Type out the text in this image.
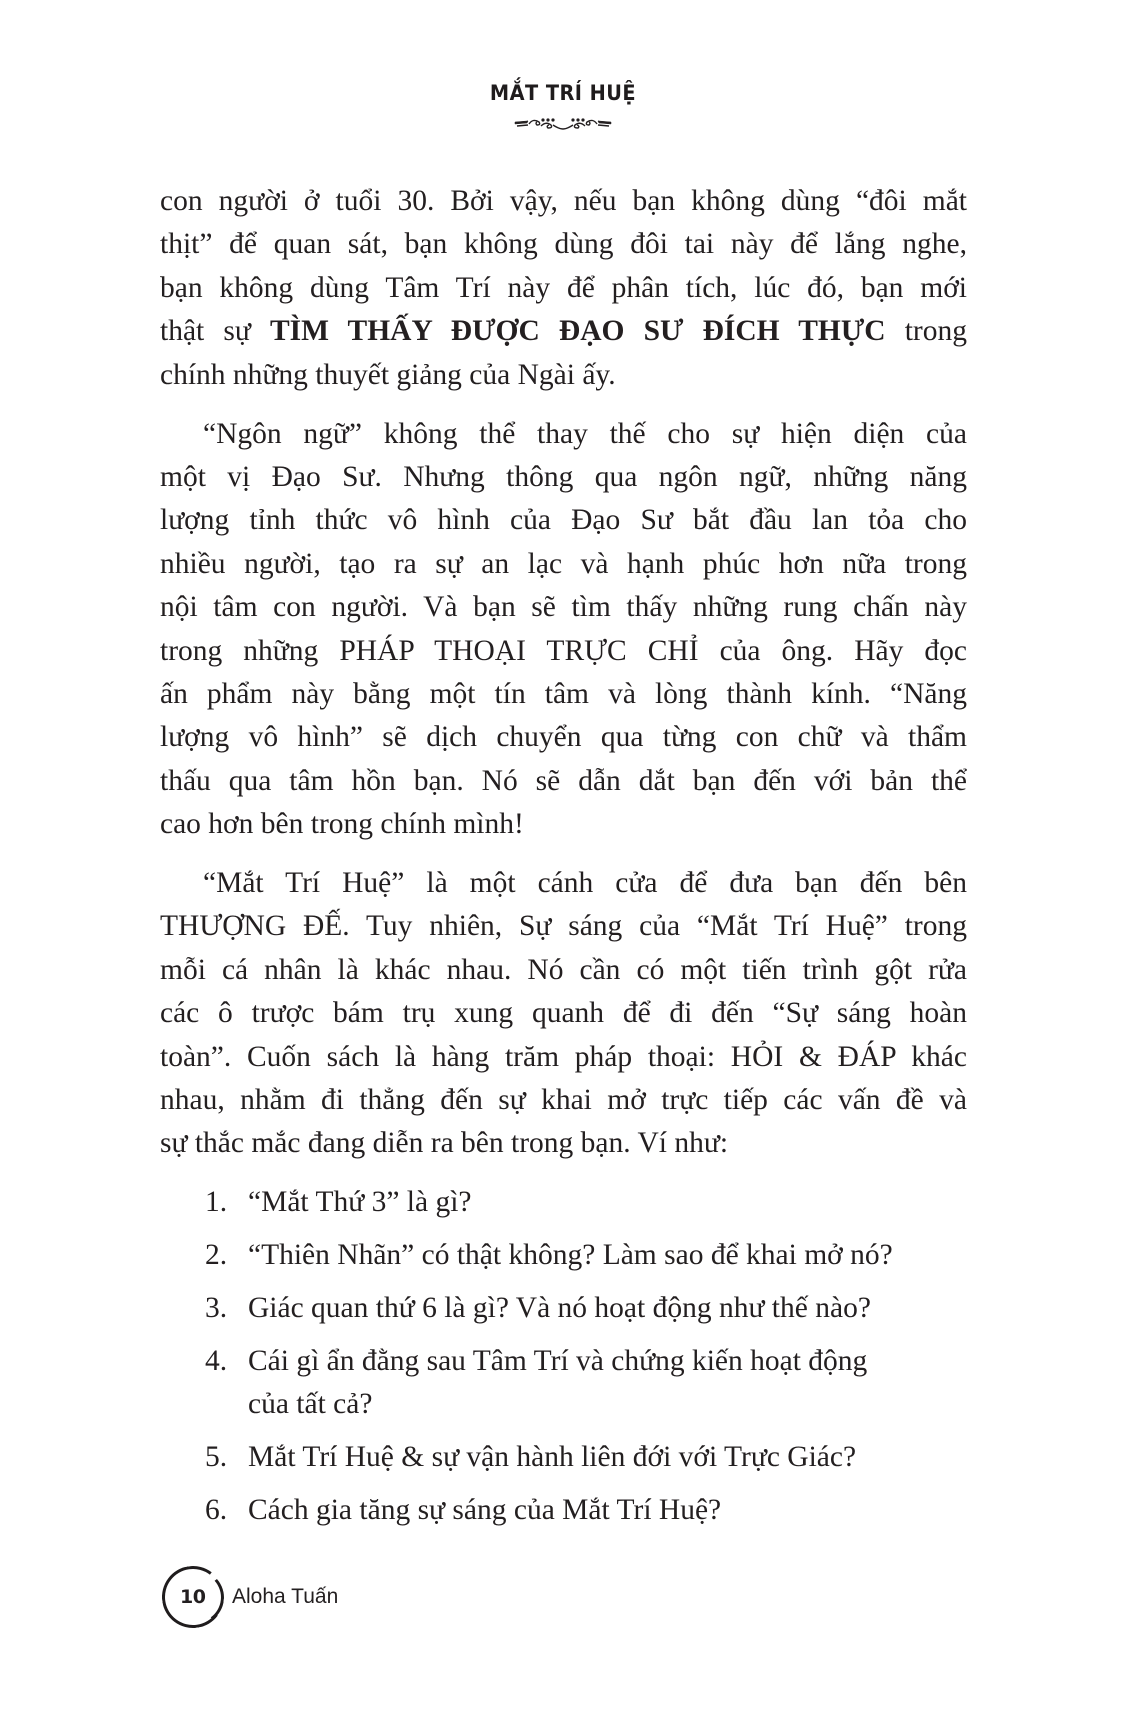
MẮT TRÍ HUỆ
con người ở tuổi 30. Bởi vậy, nếu bạn không dùng “đôi mắt
thịt” để quan sát, bạn không dùng đôi tai này để lắng nghe,
bạn không dùng Tâm Trí này để phân tích, lúc đó, bạn mới
thật sự TÌM THẤY ĐƯỢC ĐẠO SƯ ĐÍCH THỰC trong
chính những thuyết giảng của Ngài ấy.
“Ngôn ngữ” không thể thay thế cho sự hiện diện của
một vị Đạo Sư. Nhưng thông qua ngôn ngữ, những năng
lượng tỉnh thức vô hình của Đạo Sư bắt đầu lan tỏa cho
nhiều người, tạo ra sự an lạc và hạnh phúc hơn nữa trong
nội tâm con người. Và bạn sẽ tìm thấy những rung chấn này
trong những PHÁP THOẠI TRỰC CHỈ của ông. Hãy đọc
ấn phẩm này bằng một tín tâm và lòng thành kính. “Năng
lượng vô hình” sẽ dịch chuyển qua từng con chữ và thẩm
thấu qua tâm hồn bạn. Nó sẽ dẫn dắt bạn đến với bản thể
cao hơn bên trong chính mình!
“Mắt Trí Huệ” là một cánh cửa để đưa bạn đến bên
THƯỢNG ĐẾ. Tuy nhiên, Sự sáng của “Mắt Trí Huệ” trong
mỗi cá nhân là khác nhau. Nó cần có một tiến trình gột rửa
các ô trược bám trụ xung quanh để đi đến “Sự sáng hoàn
toàn”. Cuốn sách là hàng trăm pháp thoại: HỎI & ĐÁP khác
nhau, nhằm đi thẳng đến sự khai mở trực tiếp các vấn đề và
sự thắc mắc đang diễn ra bên trong bạn. Ví như:
1. “Mắt Thứ 3” là gì?
2. “Thiên Nhãn” có thật không? Làm sao để khai mở nó?
3. Giác quan thứ 6 là gì? Và nó hoạt động như thế nào?
4. Cái gì ẩn đằng sau Tâm Trí và chứng kiến hoạt động
của tất cả?
5. Mắt Trí Huệ & sự vận hành liên đới với Trực Giác?
6. Cách gia tăng sự sáng của Mắt Trí Huệ?
10 Aloha Tuấn
